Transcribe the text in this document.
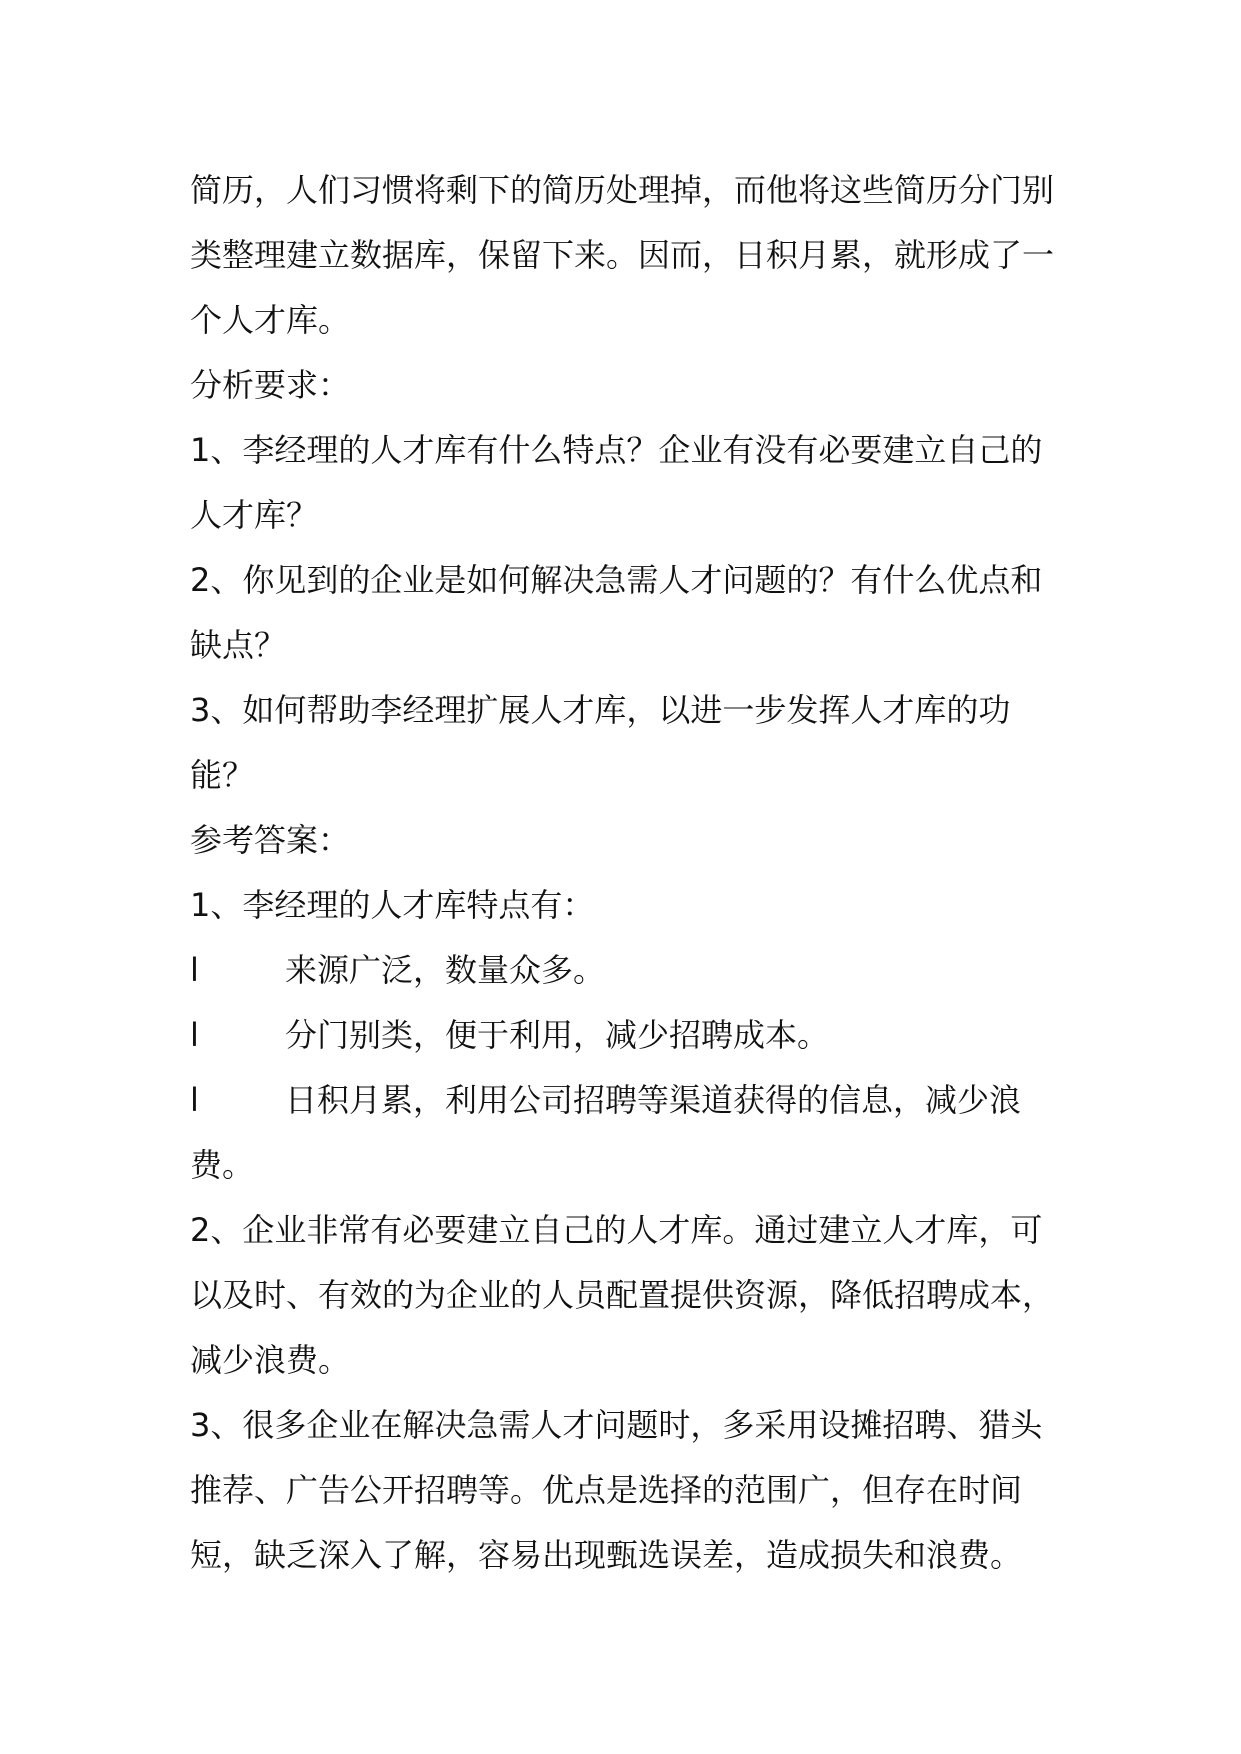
简历，人们习惯将剩下的简历处理掉，而他将这些简历分门别类整理建立数据库，保留下来。因而，日积月累，就形成了一个人才库。

分析要求：

1、李经理的人才库有什么特点？企业有没有必要建立自己的人才库？

2、你见到的企业是如何解决急需人才问题的？有什么优点和缺点？

3、如何帮助李经理扩展人才库，以进一步发挥人才库的功能？

参考答案：

1、李经理的人才库特点有：

l	来源广泛，数量众多。

l	分门别类，便于利用，减少招聘成本。

l	日积月累，利用公司招聘等渠道获得的信息，减少浪费。

2、企业非常有必要建立自己的人才库。通过建立人才库，可以及时、有效的为企业的人员配置提供资源，降低招聘成本，减少浪费。

3、很多企业在解决急需人才问题时，多采用设摊招聘、猎头推荐、广告公开招聘等。优点是选择的范围广，但存在时间短，缺乏深入了解，容易出现甄选误差，造成损失和浪费。
